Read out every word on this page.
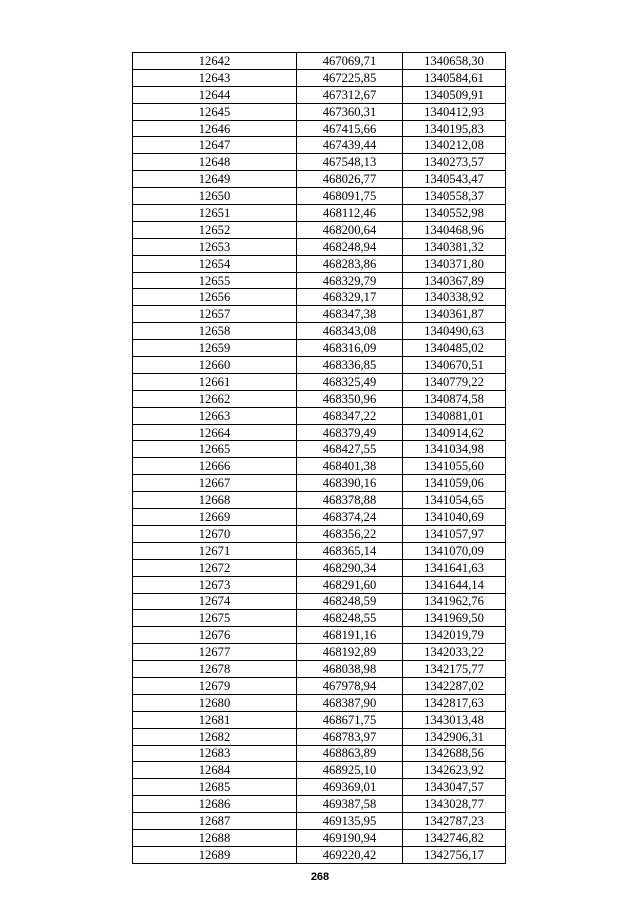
12642	467069,71	1340658,30
12643	467225,85	1340584,61
12644	467312,67	1340509,91
12645	467360,31	1340412,93
12646	467415,66	1340195,83
12647	467439,44	1340212,08
12648	467548,13	1340273,57
12649	468026,77	1340543,47
12650	468091,75	1340558,37
12651	468112,46	1340552,98
12652	468200,64	1340468,96
12653	468248,94	1340381,32
12654	468283,86	1340371,80
12655	468329,79	1340367,89
12656	468329,17	1340338,92
12657	468347,38	1340361,87
12658	468343,08	1340490,63
12659	468316,09	1340485,02
12660	468336,85	1340670,51
12661	468325,49	1340779,22
12662	468350,96	1340874,58
12663	468347,22	1340881,01
12664	468379,49	1340914,62
12665	468427,55	1341034,98
12666	468401,38	1341055,60
12667	468390,16	1341059,06
12668	468378,88	1341054,65
12669	468374,24	1341040,69
12670	468356,22	1341057,97
12671	468365,14	1341070,09
12672	468290,34	1341641,63
12673	468291,60	1341644,14
12674	468248,59	1341962,76
12675	468248,55	1341969,50
12676	468191,16	1342019,79
12677	468192,89	1342033,22
12678	468038,98	1342175,77
12679	467978,94	1342287,02
12680	468387,90	1342817,63
12681	468671,75	1343013,48
12682	468783,97	1342906,31
12683	468863,89	1342688,56
12684	468925,10	1342623,92
12685	469369,01	1343047,57
12686	469387,58	1343028,77
12687	469135,95	1342787,23
12688	469190,94	1342746,82
12689	469220,42	1342756,17
268
